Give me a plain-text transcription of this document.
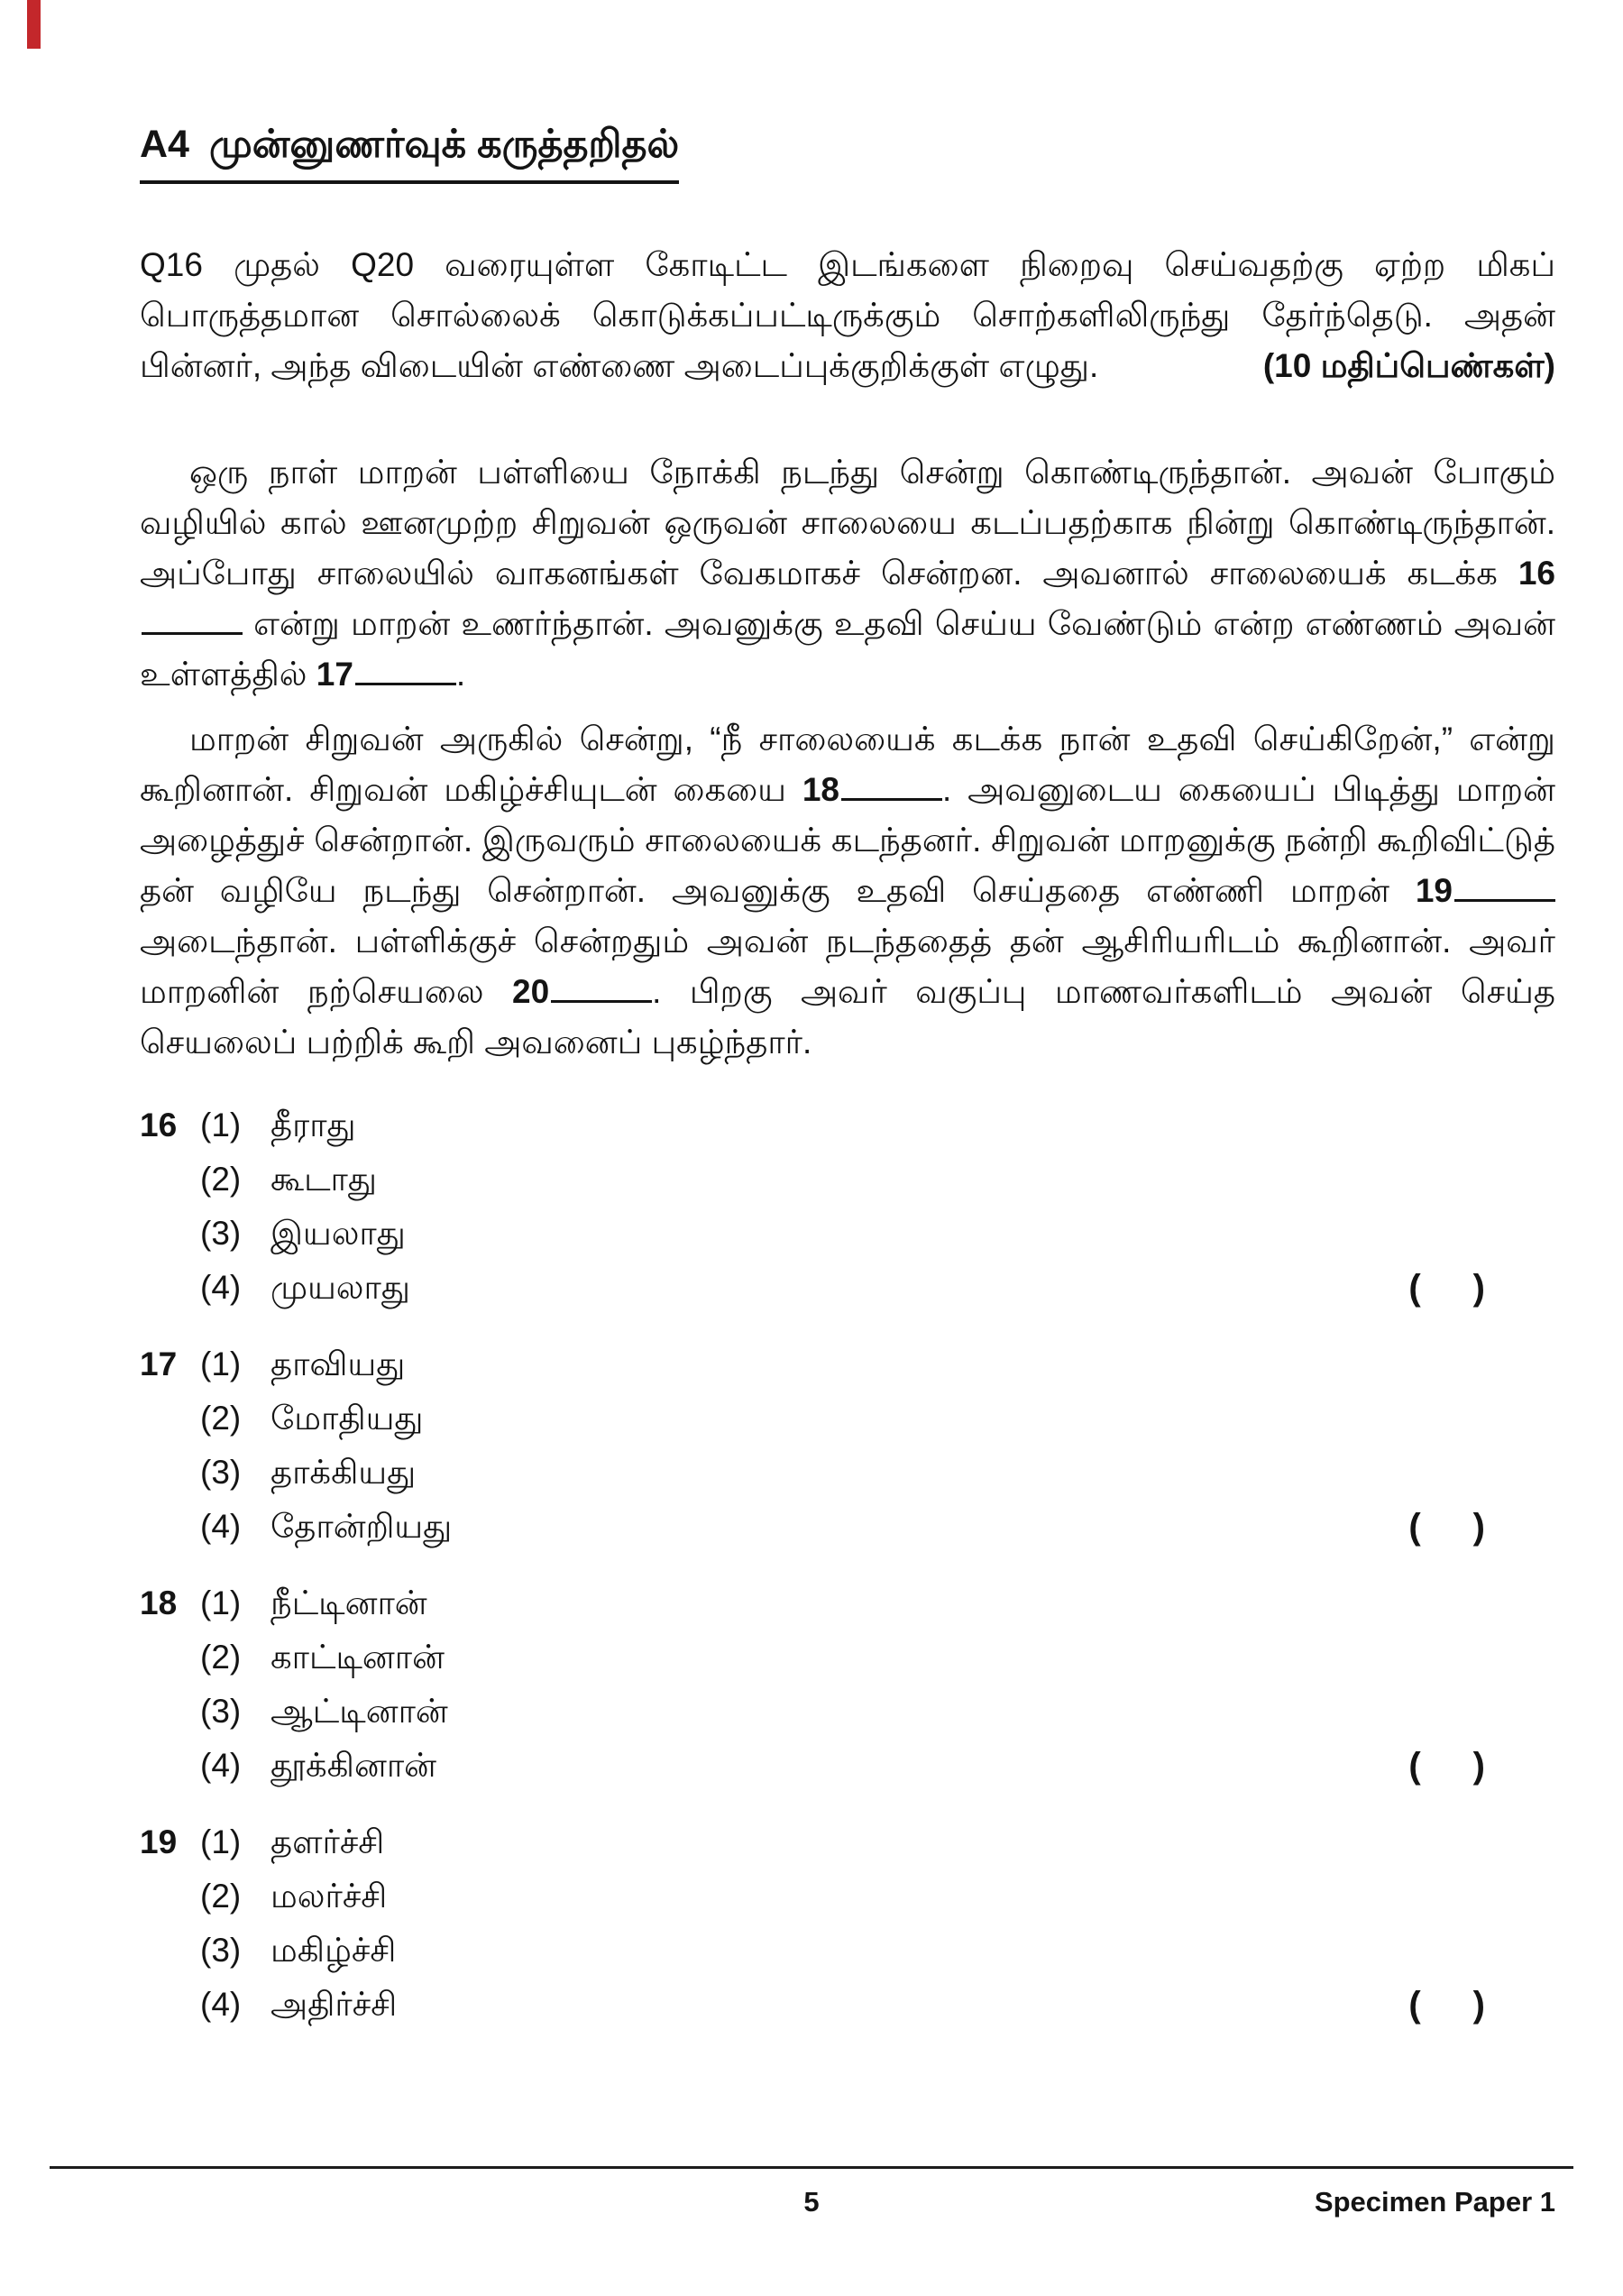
A4 முன்னுணர்வுக் கருத்தறிதல்
Q16 முதல் Q20 வரையுள்ள கோடிட்ட இடங்களை நிறைவு செய்வதற்கு ஏற்ற மிகப் பொருத்தமான சொல்லைக் கொடுக்கப்பட்டிருக்கும் சொற்களிலிருந்து தேர்ந்தெடு. அதன் பின்னர், அந்த விடையின் எண்ணை அடைப்புக்குறிக்குள் எழுது.	(10 மதிப்பெண்கள்)

ஒரு நாள் மாறன் பள்ளியை நோக்கி நடந்து சென்று கொண்டிருந்தான். அவன் போகும் வழியில் கால் ஊனமுற்ற சிறுவன் ஒருவன் சாலையை கடப்பதற்காக நின்று கொண்டிருந்தான். அப்போது சாலையில் வாகனங்கள் வேகமாகச் சென்றன. அவனால் சாலையைக் கடக்க 16 என்று மாறன் உணர்ந்தான். அவனுக்கு உதவி செய்ய வேண்டும் என்ற எண்ணம் அவன் உள்ளத்தில் 17	.

மாறன் சிறுவன் அருகில் சென்று, “நீ சாலையைக் கடக்க நான் உதவி செய்கிறேன்,” என்று கூறினான். சிறுவன் மகிழ்ச்சியுடன் கையை 18	. அவனுடைய கையைப் பிடித்து மாறன் அழைத்துச் சென்றான். இருவரும் சாலையைக் கடந்தனர். சிறுவன் மாறனுக்கு நன்றி கூறிவிட்டுத் தன் வழியே நடந்து சென்றான். அவனுக்கு உதவி செய்ததை எண்ணி மாறன் 19 அடைந்தான். பள்ளிக்குச் சென்றதும் அவன் நடந்ததைத் தன் ஆசிரியரிடம் கூறினான். அவர் மாறனின் நற்செயலை 20	. பிறகு அவர் வகுப்பு மாணவர்களிடம் அவன் செய்த செயலைப் பற்றிக் கூறி அவனைப் புகழ்ந்தார்.

16 (1) தீராது
(2) கூடாது
(3) இயலாது
(4) முயலாது	( )
17 (1) தாவியது
(2) மோதியது
(3) தாக்கியது
(4) தோன்றியது	( )
18 (1) நீட்டினான்
(2) காட்டினான்
(3) ஆட்டினான்
(4) தூக்கினான்	( )
19 (1) தளர்ச்சி
(2) மலர்ச்சி
(3) மகிழ்ச்சி
(4) அதிர்ச்சி	( )
5	Specimen Paper 1
